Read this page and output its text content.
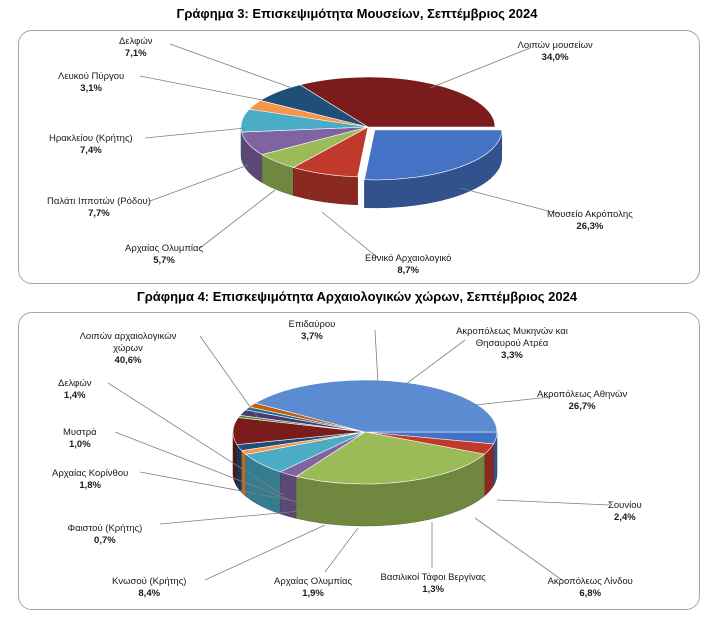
Γράφημα 3: Επισκεψιμότητα Μουσείων, Σεπτέμβριος 2024
Γράφημα 4: Επισκεψιμότητα Αρχαιολογικών χώρων, Σεπτέμβριος 2024
Μουσείο Ακρόπολης
26,3%
Εθνικό Αρχαιολογικό
8,7%
Αρχαίας Ολυμπίας
5,7%
Παλάτι Ιπποτών (Ρόδου)
7,7%
Ηρακλείου (Κρήτης)
7,4%
Λευκού Πύργου
3,1%
Δελφών
7,1%
Λοιπών μουσείων
34,0%
Επιδαύρου
3,7%	Ακροπόλεως Μυκηνών και Θησαυρού Ατρέα
3,3%
Ακροπόλεως Αθηνών
26,7%
Σουνίου
2,4%
Ακροπόλεως Λίνδου
6,8%
Βασιλικοί Τάφοι Βεργίνας
1,3%
Αρχαίας Ολυμπίας
1,9%
Κνωσού (Κρήτης)
8,4%
Φαιστού (Κρήτης)
0,7%
Αρχαίας Κορίνθου
1,8%
Μυστρά
1,0%
Δελφών
1,4%
Λοιπών αρχαιολογικών χώρων
40,6%
